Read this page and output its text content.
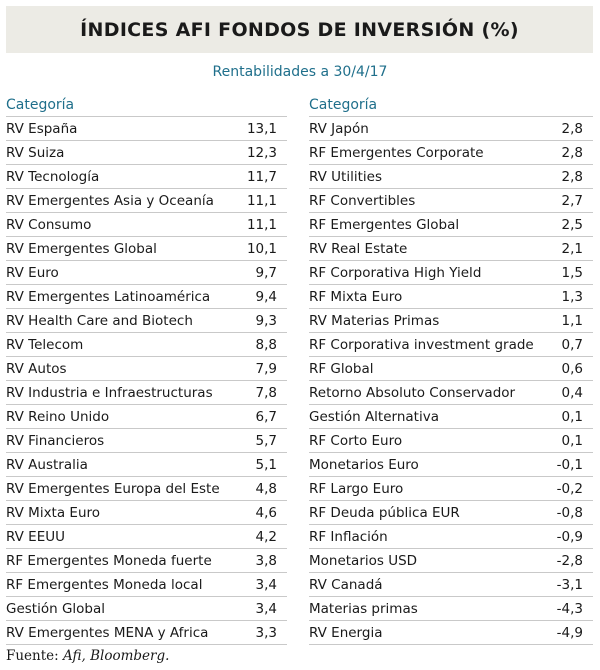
ÍNDICES AFI FONDOS DE INVERSIÓN (%)
Rentabilidades a 30/4/17
Categoría
RV España	13,1
RV Suiza	12,3
RV Tecnología	11,7
RV Emergentes Asia y Oceanía	11,1
RV Consumo	11,1
RV Emergentes Global	10,1
RV Euro	9,7
RV Emergentes Latinoamérica	9,4
RV Health Care and Biotech	9,3
RV Telecom	8,8
RV Autos	7,9
RV Industria e Infraestructuras	7,8
RV Reino Unido	6,7
RV Financieros	5,7
RV Australia	5,1
RV Emergentes Europa del Este	4,8
RV Mixta Euro	4,6
RV EEUU	4,2
RF Emergentes Moneda fuerte	3,8
RF Emergentes Moneda local	3,4
Gestión Global	3,4
RV Emergentes MENA y Africa	3,3
Categoría
RV Japón	2,8
RF Emergentes Corporate	2,8
RV Utilities	2,8
RF Convertibles	2,7
RF Emergentes Global	2,5
RV Real Estate	2,1
RF Corporativa High Yield	1,5
RF Mixta Euro	1,3
RV Materias Primas	1,1
RF Corporativa investment grade	0,7
RF Global	0,6
Retorno Absoluto Conservador	0,4
Gestión Alternativa	0,1
RF Corto Euro	0,1
Monetarios Euro	-0,1
RF Largo Euro	-0,2
RF Deuda pública EUR	-0,8
RF Inflación	-0,9
Monetarios USD	-2,8
RV Canadá	-3,1
Materias primas	-4,3
RV Energia	-4,9
Fuente: Afi, Bloomberg.
